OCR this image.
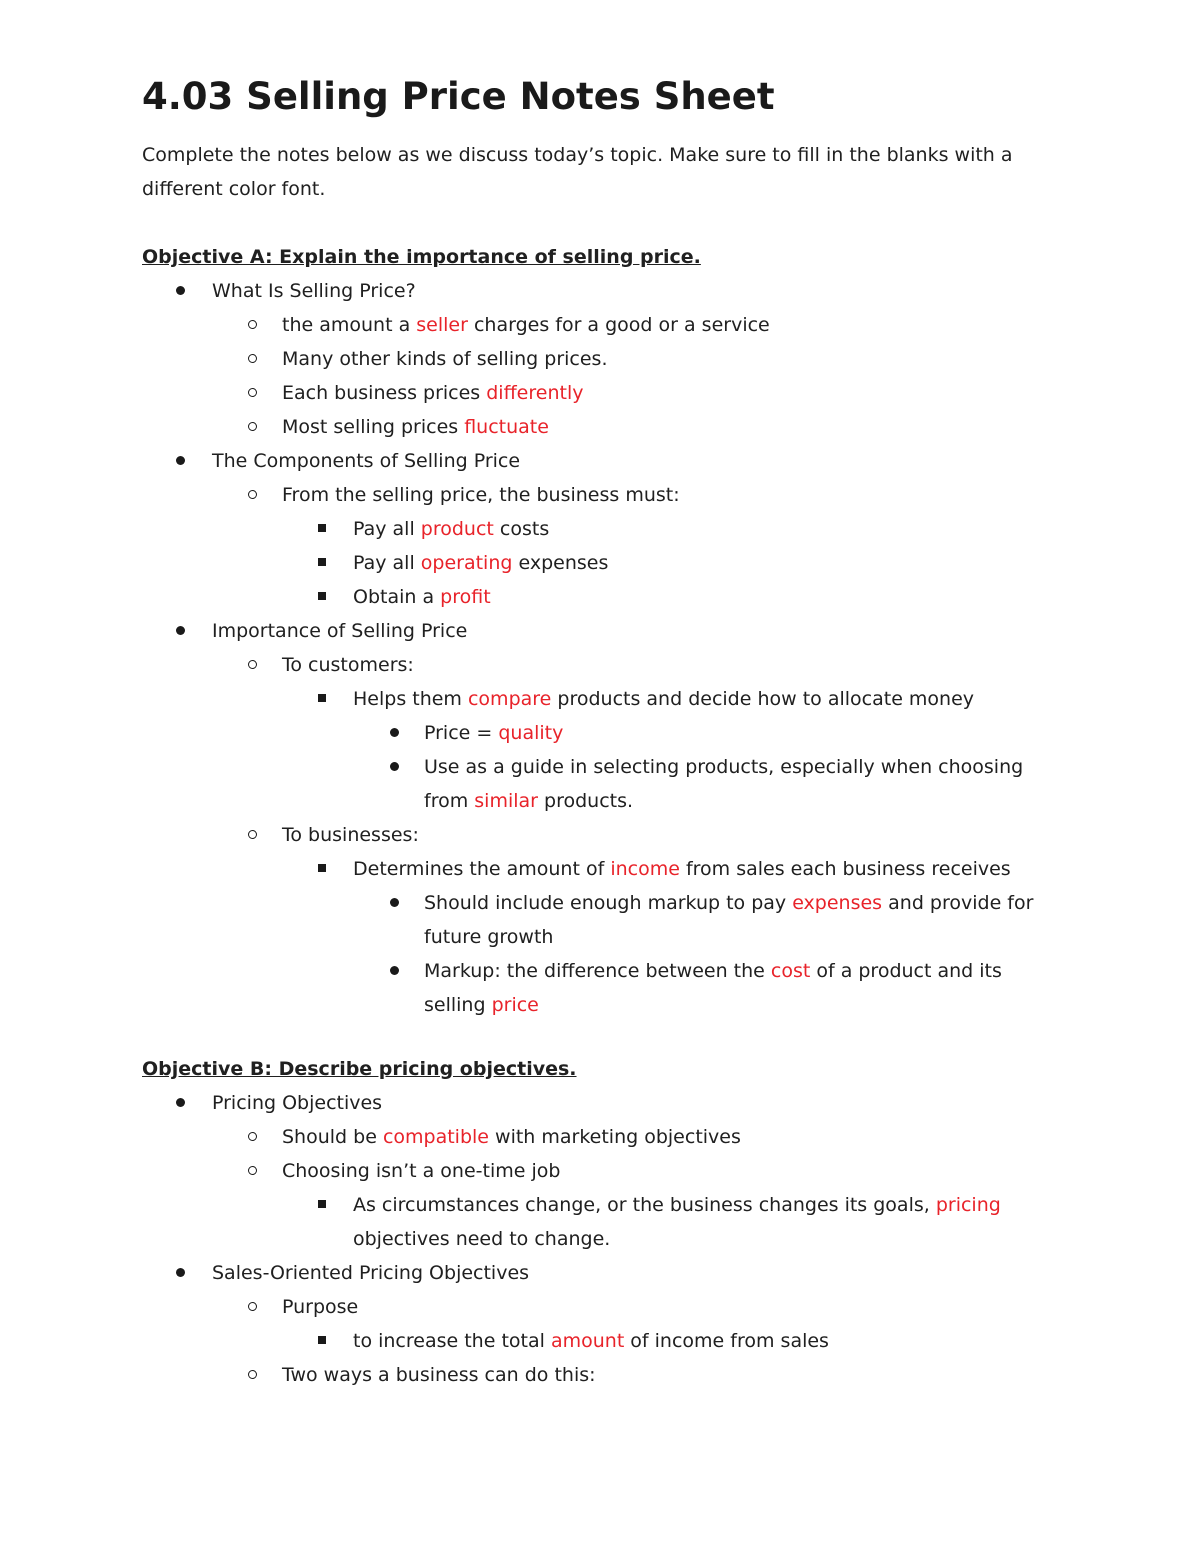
4.03 Selling Price Notes Sheet
Complete the notes below as we discuss today’s topic. Make sure to fill in the blanks with a different color font.
Objective A: Explain the importance of selling price.
What Is Selling Price?
the amount a seller charges for a good or a service
Many other kinds of selling prices.
Each business prices differently
Most selling prices fluctuate
The Components of Selling Price
From the selling price, the business must:
Pay all product costs
Pay all operating expenses
Obtain a profit
Importance of Selling Price
To customers:
Helps them compare products and decide how to allocate money
Price = quality
Use as a guide in selecting products, especially when choosing from similar products.
To businesses:
Determines the amount of income from sales each business receives
Should include enough markup to pay expenses and provide for future growth
Markup: the difference between the cost of a product and its selling price
Objective B: Describe pricing objectives.
Pricing Objectives
Should be compatible with marketing objectives
Choosing isn’t a one-time job
As circumstances change, or the business changes its goals, pricing objectives need to change.
Sales-Oriented Pricing Objectives
Purpose
to increase the total amount of income from sales
Two ways a business can do this:
